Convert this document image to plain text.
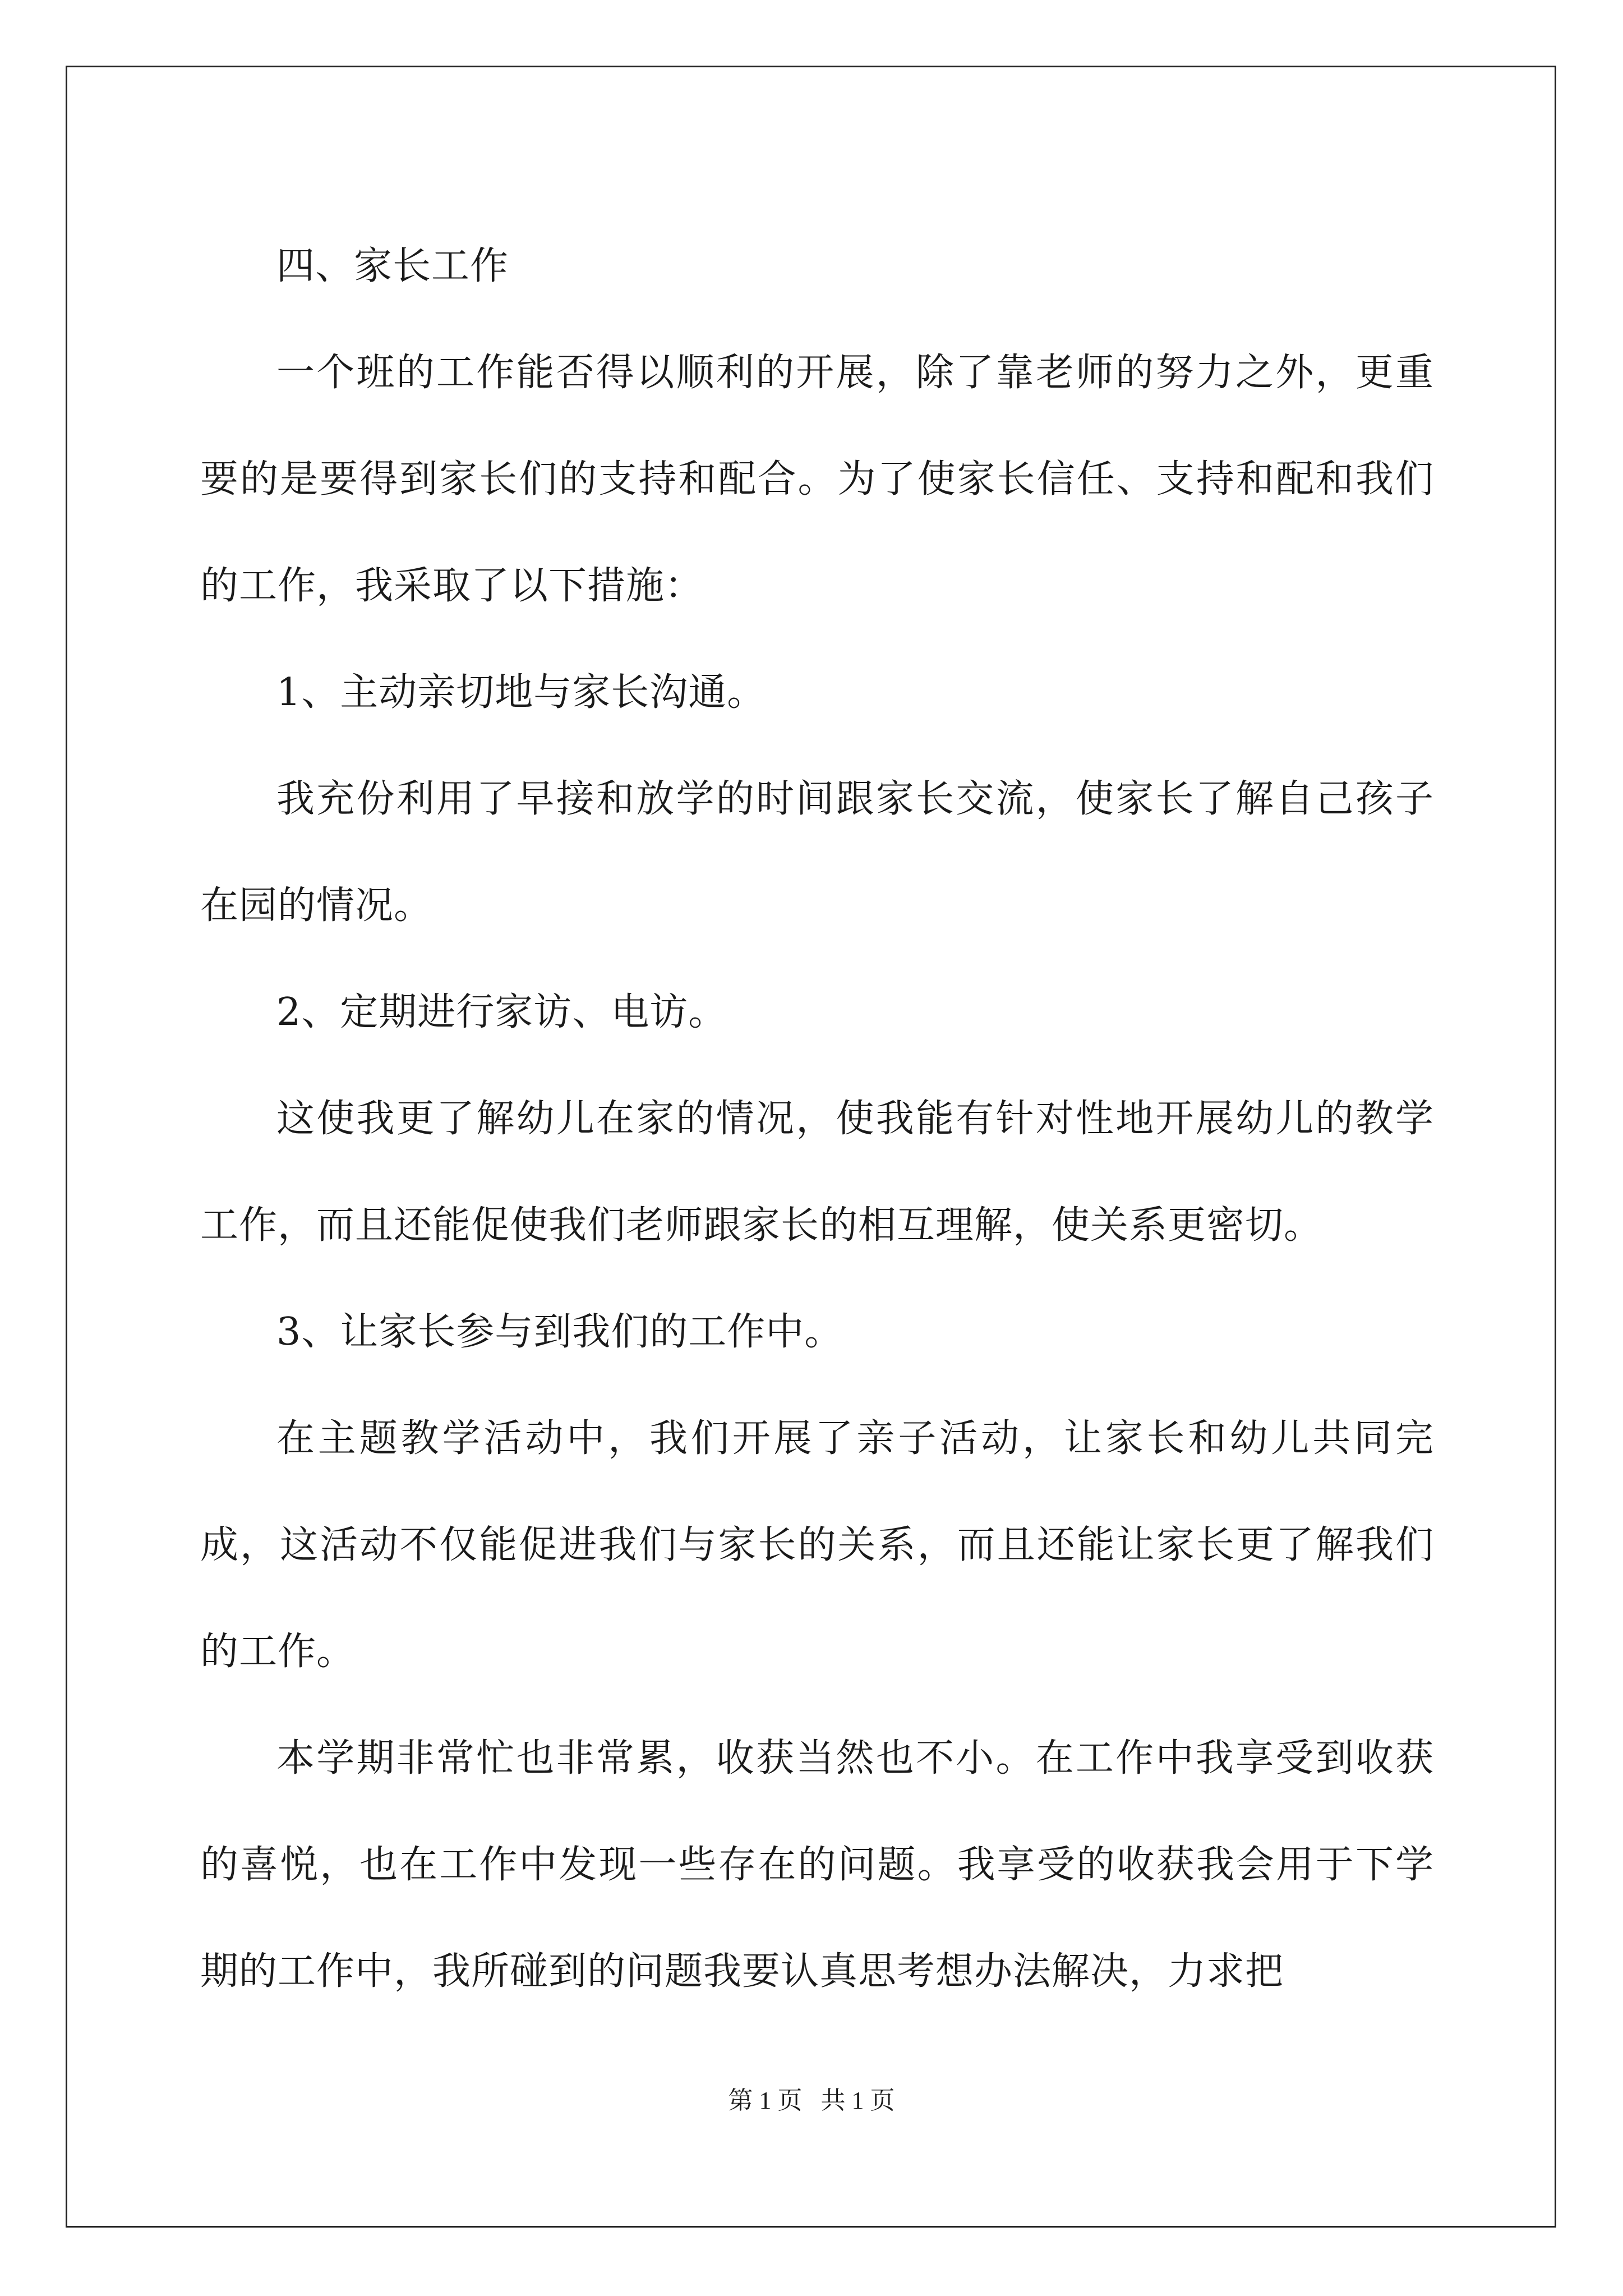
四、家长工作

一个班的工作能否得以顺利的开展，除了靠老师的努力之外，更重要的是要得到家长们的支持和配合。为了使家长信任、支持和配和我们的工作，我采取了以下措施：

1、主动亲切地与家长沟通。

我充份利用了早接和放学的时间跟家长交流，使家长了解自己孩子在园的情况。

2、定期进行家访、电访。

这使我更了解幼儿在家的情况，使我能有针对性地开展幼儿的教学工作，而且还能促使我们老师跟家长的相互理解，使关系更密切。

3、让家长参与到我们的工作中。

在主题教学活动中，我们开展了亲子活动，让家长和幼儿共同完成，这活动不仅能促进我们与家长的关系，而且还能让家长更了解我们的工作。

本学期非常忙也非常累，收获当然也不小。在工作中我享受到收获的喜悦，也在工作中发现一些存在的问题。我享受的收获我会用于下学期的工作中，我所碰到的问题我要认真思考想办法解决，力求把

第 1 页   共 1 页
